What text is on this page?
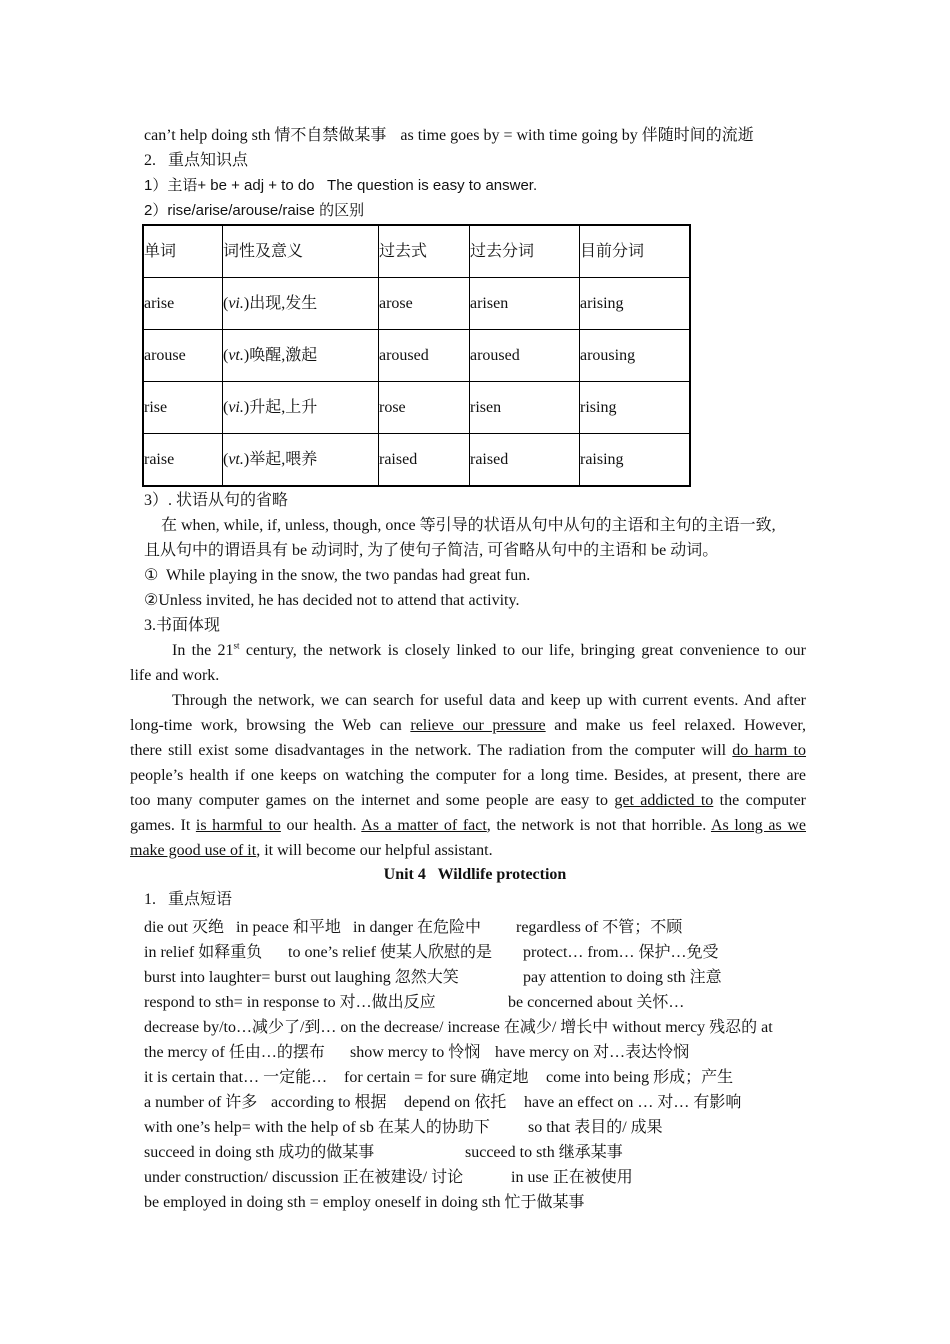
can’t help doing sth 情不自禁做某事 as time goes by = with time going by 伴随时间的流逝
2.   重点知识点
1）主语+ be + adj + to do   The question is easy to answer.
2）rise/arise/arouse/raise 的区别
单词	词性及意义	过去式	过去分词	目前分词
arise	(vi.)出现,发生	arose	arisen	arising
arouse	(vt.)唤醒,激起	aroused	aroused	arousing
rise	(vi.)升起,上升	rose	risen	rising
raise	(vt.)举起,喂养	raised	raised	raising
3）. 状语从句的省略
在 when, while, if, unless, though, once 等引导的状语从句中从句的主语和主句的主语一致,
且从句中的谓语具有 be 动词时, 为了使句子简洁, 可省略从句中的主语和 be 动词。
①  While playing in the snow, the two pandas had great fun.
②Unless invited, he has decided not to attend that activity.
3.书面体现
In the 21st century, the network is closely linked to our life, bringing great convenience to our
life and work.
Through the network, we can search for useful data and keep up with current events. And after
long-time work, browsing the Web can relieve our pressure and make us feel relaxed. However,
there still exist some disadvantages in the network. The radiation from the computer will do harm to
people’s health if one keeps on watching the computer for a long time. Besides, at present, there are
too many computer games on the internet and some people are easy to get addicted to the computer
games. It is harmful to our health. As a matter of fact, the network is not that horrible. As long as we
make good use of it, it will become our helpful assistant.
Unit 4   Wildlife protection
1.   重点短语
die out 灭绝 in peace 和平地 in danger 在危险中 regardless of 不管；不顾
in relief 如释重负 to one’s relief 使某人欣慰的是 protect… from… 保护…免受
burst into laughter= burst out laughing 忽然大笑	pay attention to doing sth 注意
respond to sth= in response to 对…做出反应	be concerned about 关怀…
decrease by/to…减少了/到… on the decrease/ increase 在减少/ 增长中 without mercy 残忍的 at
the mercy of 任由…的摆布 show mercy to 怜悯 have mercy on 对…表达怜悯
it is certain that… 一定能… for certain = for sure 确定地 come into being 形成；产生
a number of 许多 according to 根据 depend on 依托 have an effect on … 对… 有影响
with one’s help= with the help of sb 在某人的协助下 so that 表目的/ 成果
succeed in doing sth 成功的做某事	succeed to sth 继承某事
under construction/ discussion 正在被建设/ 讨论	in use 正在被使用
be employed in doing sth = employ oneself in doing sth 忙于做某事
